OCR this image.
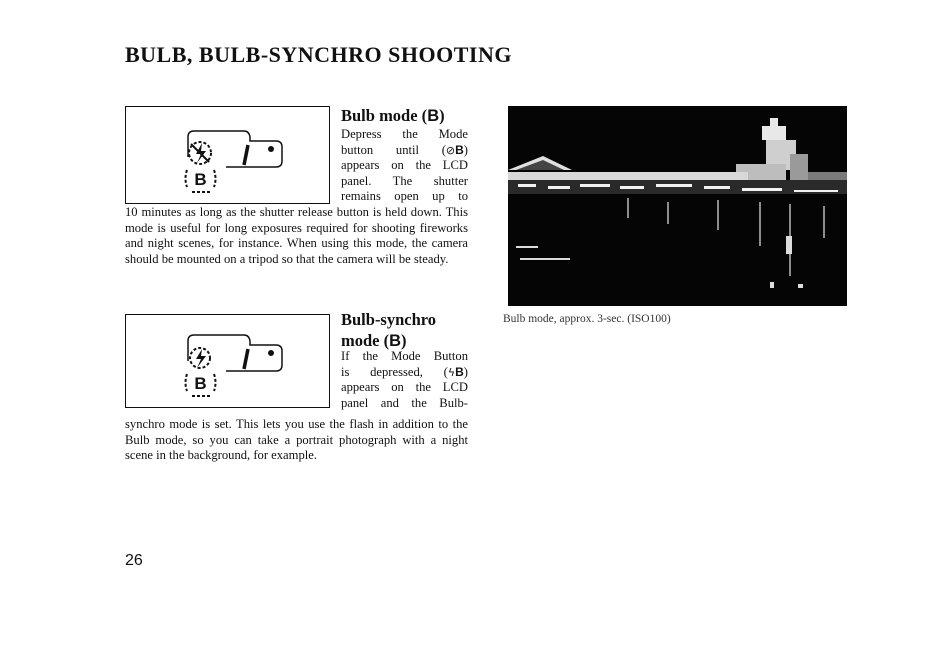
BULB, BULB-SYNCHRO SHOOTING
B
Bulb mode (B)
Depress the Mode
button until (⊘B)
appears on the LCD
panel. The shutter
remains open up to

10 minutes as long as the shutter release button is held down. This mode is useful for long exposures required for shooting fireworks and night scenes, for instance. When using this mode, the camera should be mounted on a tripod so that the camera will be steady.

B
Bulb-synchro
mode (B)
If the Mode Button
is depressed, (ϟB)
appears on the LCD
panel and the Bulb-

synchro mode is set. This lets you use the flash in addition to the Bulb mode, so you can take a portrait photograph with a night scene in the background, for example.

Bulb mode, approx. 3-sec. (ISO100)

26
